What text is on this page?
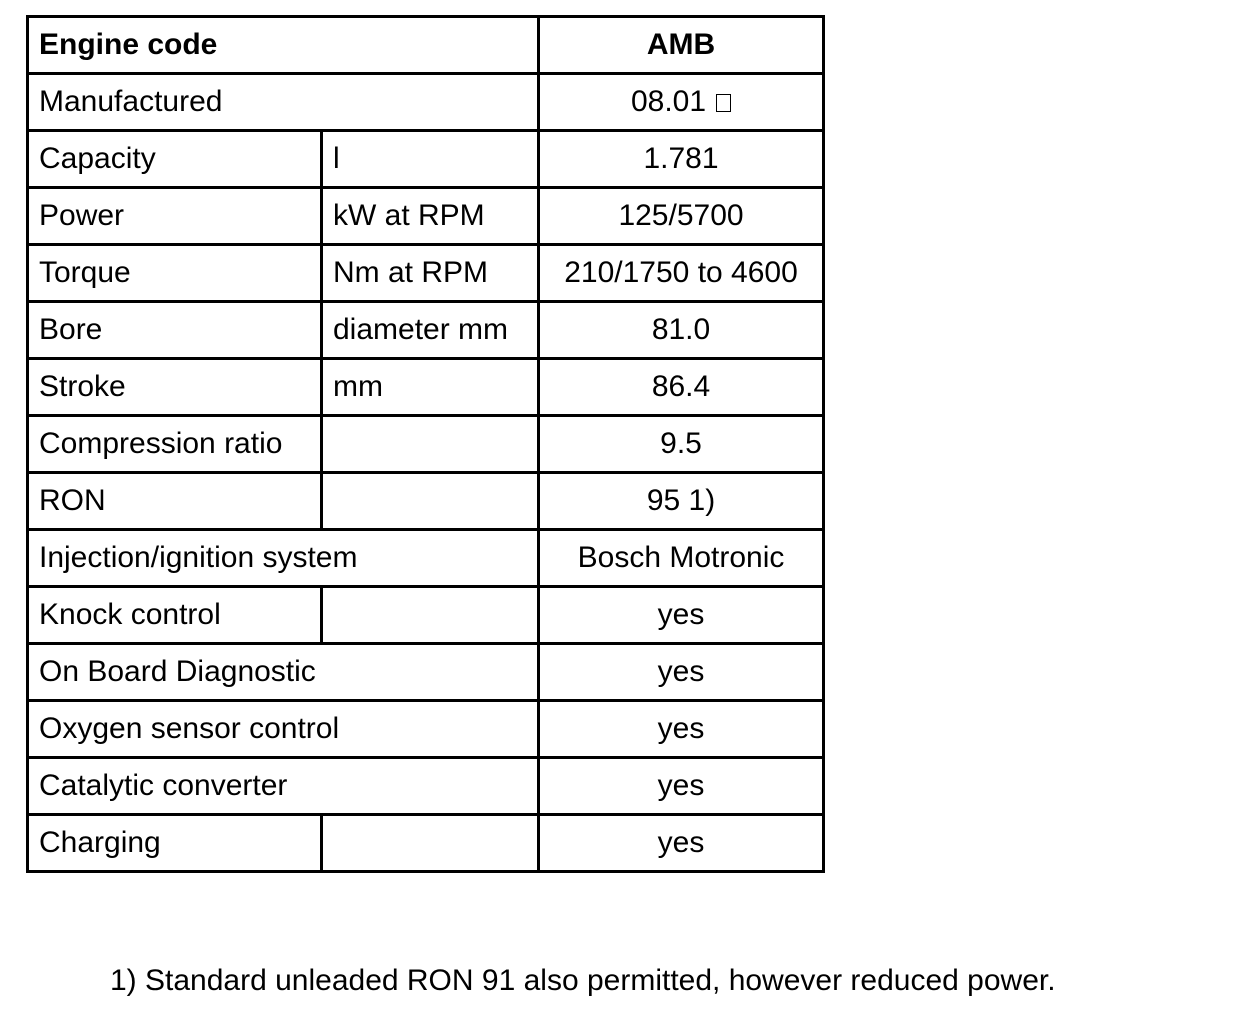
Engine code		AMB
Manufactured		08.01
Capacity	l	1.781
Power	kW at RPM	125/5700
Torque	Nm at RPM	210/1750 to 4600
Bore	diameter mm	81.0
Stroke	mm	86.4
Compression ratio		9.5
RON		95 1)
Injection/ignition system		Bosch Motronic
Knock control		yes
On Board Diagnostic		yes
Oxygen sensor control		yes
Catalytic converter		yes
Charging		yes
1) Standard unleaded RON 91 also permitted, however reduced power.
